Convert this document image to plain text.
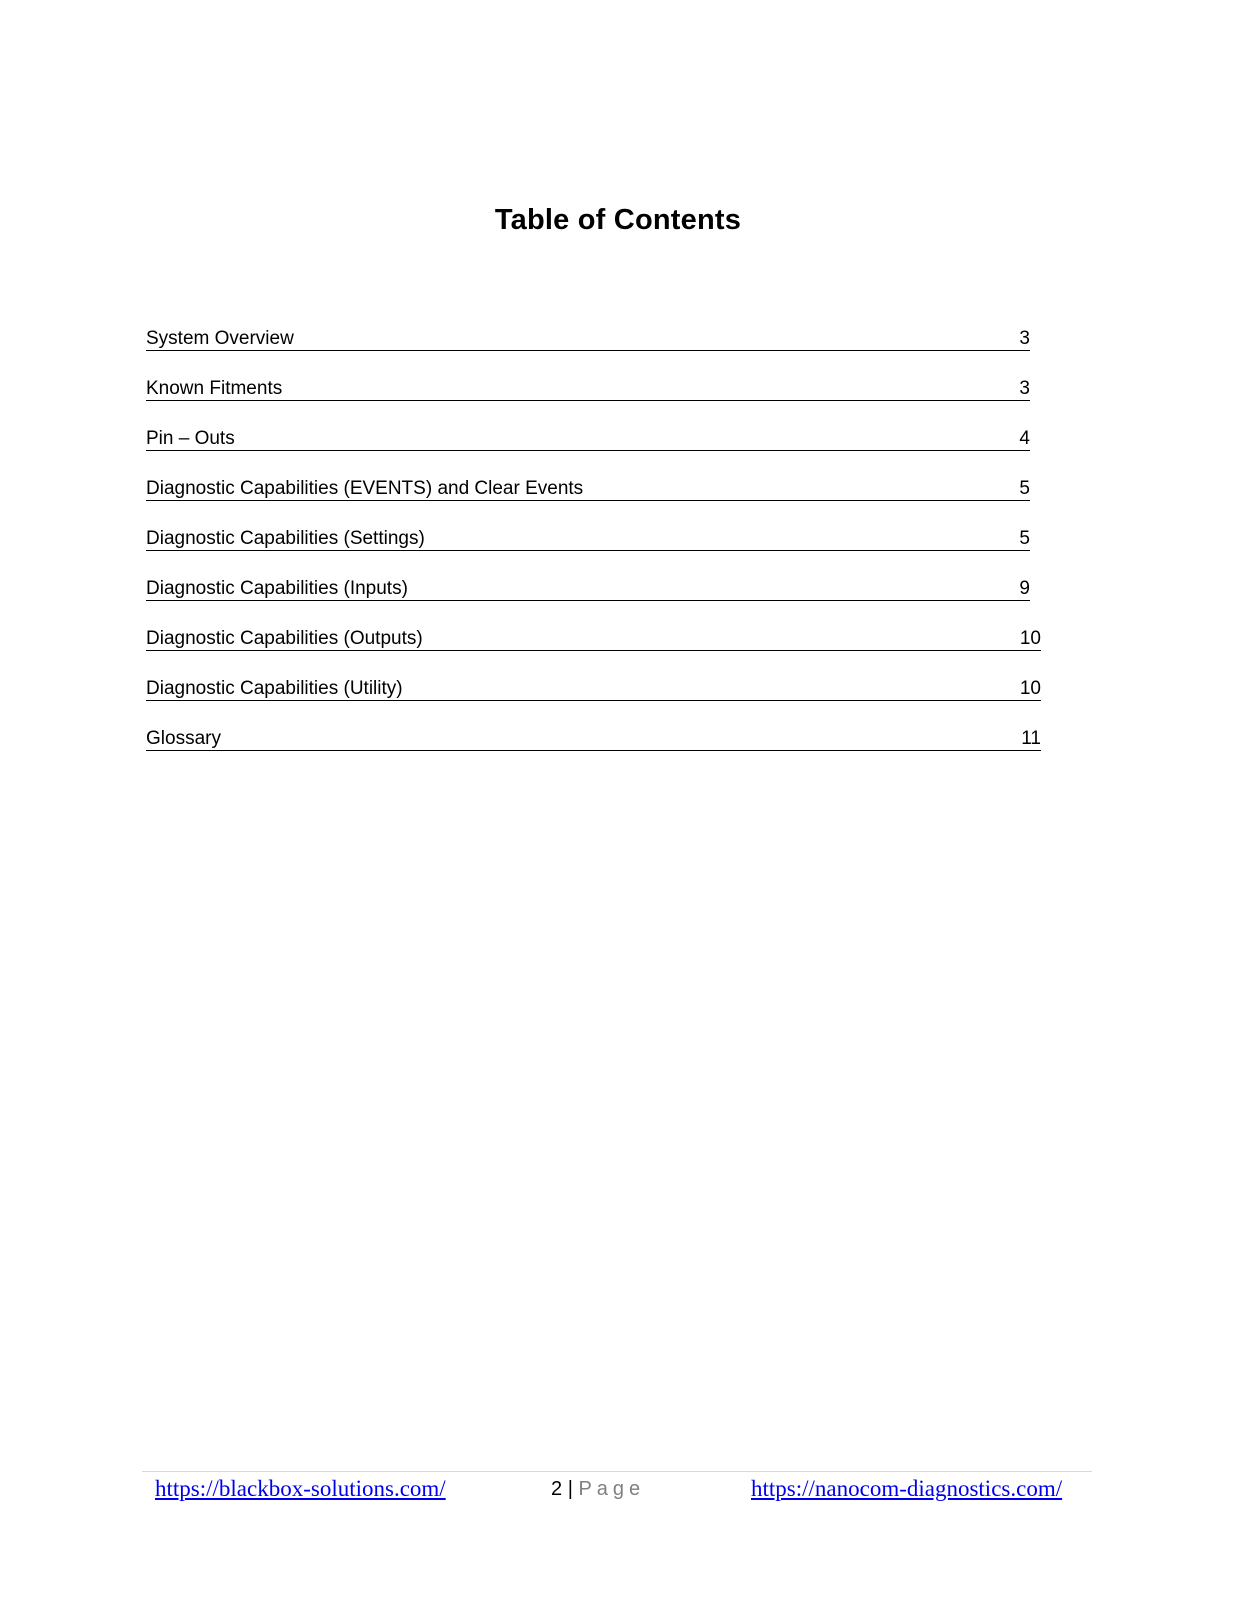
Table of Contents
System Overview	3
Known Fitments	3
Pin – Outs	4
Diagnostic Capabilities (EVENTS) and Clear Events	5
Diagnostic Capabilities (Settings)	5
Diagnostic Capabilities (Inputs)	9
Diagnostic Capabilities (Outputs)	10
Diagnostic Capabilities (Utility)	10
Glossary	11
https://blackbox-solutions.com/	2 | Page	https://nanocom-diagnostics.com/
